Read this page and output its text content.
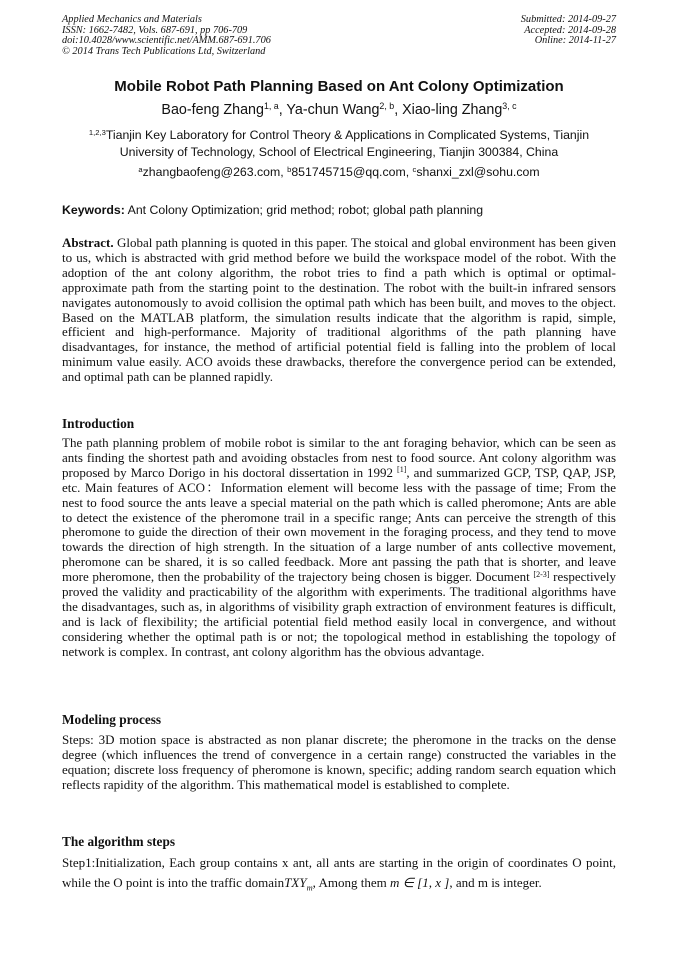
Applied Mechanics and Materials
ISSN: 1662-7482, Vols. 687-691, pp 706-709
doi:10.4028/www.scientific.net/AMM.687-691.706
© 2014 Trans Tech Publications Ltd, Switzerland
Submitted: 2014-09-27
Accepted: 2014-09-28
Online: 2014-11-27
Mobile Robot Path Planning Based on Ant Colony Optimization
Bao-feng Zhang$^{1, a}$, Ya-chun Wang$^{2, b}$, Xiao-ling Zhang$^{3, c}$
$^{1,2,3}$Tianjin Key Laboratory for Control Theory & Applications in Complicated Systems, Tianjin University of Technology, School of Electrical Engineering, Tianjin 300384, China
$^a$zhangbaofeng@263.com, $^b$851745715@qq.com, $^c$shanxi_zxl@sohu.com
Keywords: Ant Colony Optimization; grid method; robot; global path planning

Abstract. Global path planning is quoted in this paper. The stoical and global environment has been given to us, which is abstracted with grid method before we build the workspace model of the robot. With the adoption of the ant colony algorithm, the robot tries to find a path which is optimal or optimal-approximate path from the starting point to the destination. The robot with the built-in infrared sensors navigates autonomously to avoid collision the optimal path which has been built, and moves to the object. Based on the MATLAB platform, the simulation results indicate that the algorithm is rapid, simple, efficient and high-performance. Majority of traditional algorithms of the path planning have disadvantages, for instance, the method of artificial potential field is falling into the problem of local minimum value easily. ACO avoids these drawbacks, therefore the convergence period can be extended, and optimal path can be planned rapidly.

Introduction

The path planning problem of mobile robot is similar to the ant foraging behavior, which can be seen as ants finding the shortest path and avoiding obstacles from nest to food source. Ant colony algorithm was proposed by Marco Dorigo in his doctoral dissertation in 1992 [1], and summarized GCP, TSP, QAP, JSP, etc. Main features of ACO：Information element will become less with the passage of time; From the nest to food source the ants leave a special material on the path which is called pheromone; Ants are able to detect the existence of the pheromone trail in a specific range; Ants can perceive the strength of this pheromone to guide the direction of their own movement in the foraging process, and they tend to move towards the direction of high strength. In the situation of a large number of ants collective movement, pheromone can be shared, it is so called feedback. More ant passing the path that is shorter, and leave more pheromone, then the probability of the trajectory being chosen is bigger. Document [2-3] respectively proved the validity and practicability of the algorithm with experiments. The traditional algorithms have the disadvantages, such as, in algorithms of visibility graph extraction of environment features is difficult, and is lack of flexibility; the artificial potential field method easily local in convergence, and without considering whether the optimal path is or not; the topological method in establishing the topology of network is complex. In contrast, ant colony algorithm has the obvious advantage.

Modeling process

Steps: 3D motion space is abstracted as non planar discrete; the pheromone in the tracks on the dense degree (which influences the trend of convergence in a certain range) constructed the variables in the equation; discrete loss frequency of pheromone is known, specific; adding random search equation which reflects rapidity of the algorithm. This mathematical model is established to complete.

The algorithm steps

Step1:Initialization, Each group contains x ant, all ants are starting in the origin of coordinates O point, while the O point is into the traffic domainTXY$_m$, Among them m ∈ [1, x ], and m is integer.
